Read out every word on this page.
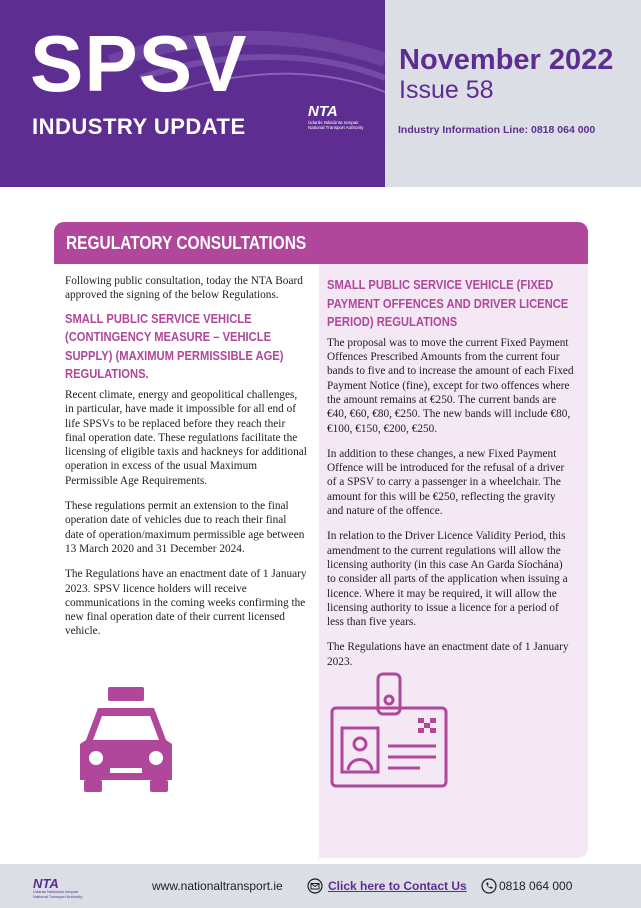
SPSV
INDUSTRY UPDATE
NTA
Údarás Náisiúnta Iompair
National Transport Authority
November 2022
Issue 58
Industry Information Line: 0818 064 000
REGULATORY CONSULTATIONS

Following public consultation, today the NTA Board approved the signing of the below Regulations.

SMALL PUBLIC SERVICE VEHICLE (CONTINGENCY MEASURE – VEHICLE SUPPLY) (MAXIMUM PERMISSIBLE AGE) REGULATIONS.

Recent climate, energy and geopolitical challenges, in particular, have made it impossible for all end of life SPSVs to be replaced before they reach their final operation date. These regulations facilitate the licensing of eligible taxis and hackneys for additional operation in excess of the usual Maximum Permissible Age Requirements.

These regulations permit an extension to the final operation date of vehicles due to reach their final date of operation/maximum permissible age between 13 March 2020 and 31 December 2024.

The Regulations have an enactment date of 1 January 2023. SPSV licence holders will receive communications in the coming weeks confirming the new final operation date of their current licensed vehicle.

SMALL PUBLIC SERVICE VEHICLE (FIXED PAYMENT OFFENCES AND DRIVER LICENCE PERIOD) REGULATIONS

The proposal was to move the current Fixed Payment Offences Prescribed Amounts from the current four bands to five and to increase the amount of each Fixed Payment Notice (fine), except for two offences where the amount remains at €250. The current bands are €40, €60, €80, €250. The new bands will include €80, €100, €150, €200, €250.

In addition to these changes, a new Fixed Payment Offence will be introduced for the refusal of a driver of a SPSV to carry a passenger in a wheelchair. The amount for this will be €250, reflecting the gravity and nature of the offence.

In relation to the Driver Licence Validity Period, this amendment to the current regulations will allow the licensing authority (in this case An Garda Síochána) to consider all parts of the application when issuing a licence. Where it may be required, it will allow the licensing authority to issue a licence for a period of less than five years.

The Regulations have an enactment date of 1 January 2023.

NTA
Údarás Náisiúnta Iompair
National Transport Authority
www.nationaltransport.ie	Click here to Contact Us	0818 064 000
